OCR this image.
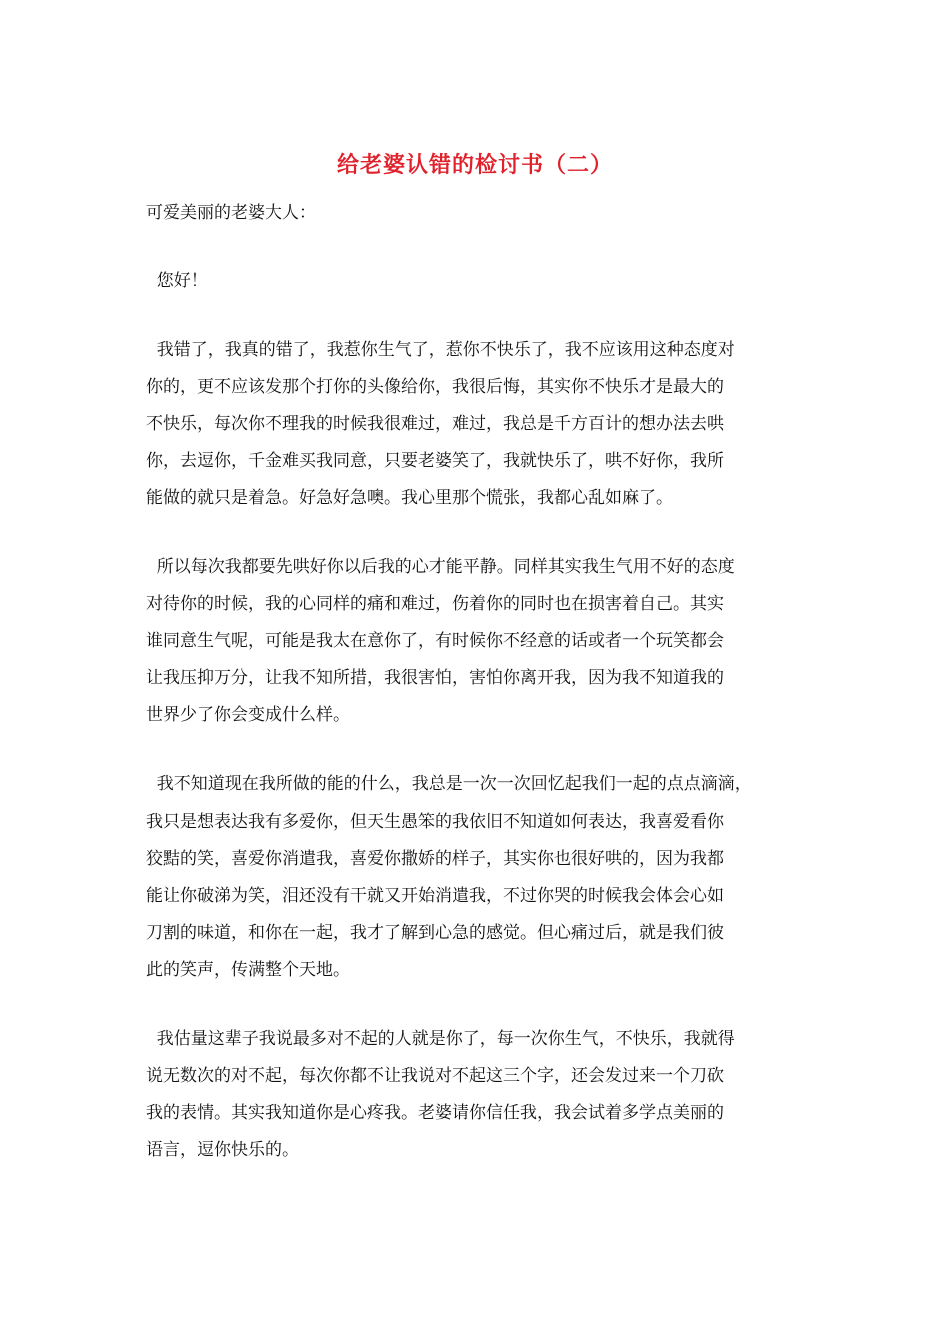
给老婆认错的检讨书（二）
可爱美丽的老婆大人：
您好！
我错了，我真的错了，我惹你生气了，惹你不快乐了，我不应该用这种态度对
你的，更不应该发那个打你的头像给你，我很后悔，其实你不快乐才是最大的
不快乐，每次你不理我的时候我很难过，难过，我总是千方百计的想办法去哄
你，去逗你，千金难买我同意，只要老婆笑了，我就快乐了，哄不好你，我所
能做的就只是着急。好急好急噢。我心里那个慌张，我都心乱如麻了。
所以每次我都要先哄好你以后我的心才能平静。同样其实我生气用不好的态度
对待你的时候，我的心同样的痛和难过，伤着你的同时也在损害着自己。其实
谁同意生气呢，可能是我太在意你了，有时候你不经意的话或者一个玩笑都会
让我压抑万分，让我不知所措，我很害怕，害怕你离开我，因为我不知道我的
世界少了你会变成什么样。
我不知道现在我所做的能的什么，我总是一次一次回忆起我们一起的点点滴滴，
我只是想表达我有多爱你，但天生愚笨的我依旧不知道如何表达，我喜爱看你
狡黠的笑，喜爱你消遣我，喜爱你撒娇的样子，其实你也很好哄的，因为我都
能让你破涕为笑，泪还没有干就又开始消遣我，不过你哭的时候我会体会心如
刀割的味道，和你在一起，我才了解到心急的感觉。但心痛过后，就是我们彼
此的笑声，传满整个天地。
我估量这辈子我说最多对不起的人就是你了，每一次你生气，不快乐，我就得
说无数次的对不起，每次你都不让我说对不起这三个字，还会发过来一个刀砍
我的表情。其实我知道你是心疼我。老婆请你信任我，我会试着多学点美丽的
语言，逗你快乐的。
